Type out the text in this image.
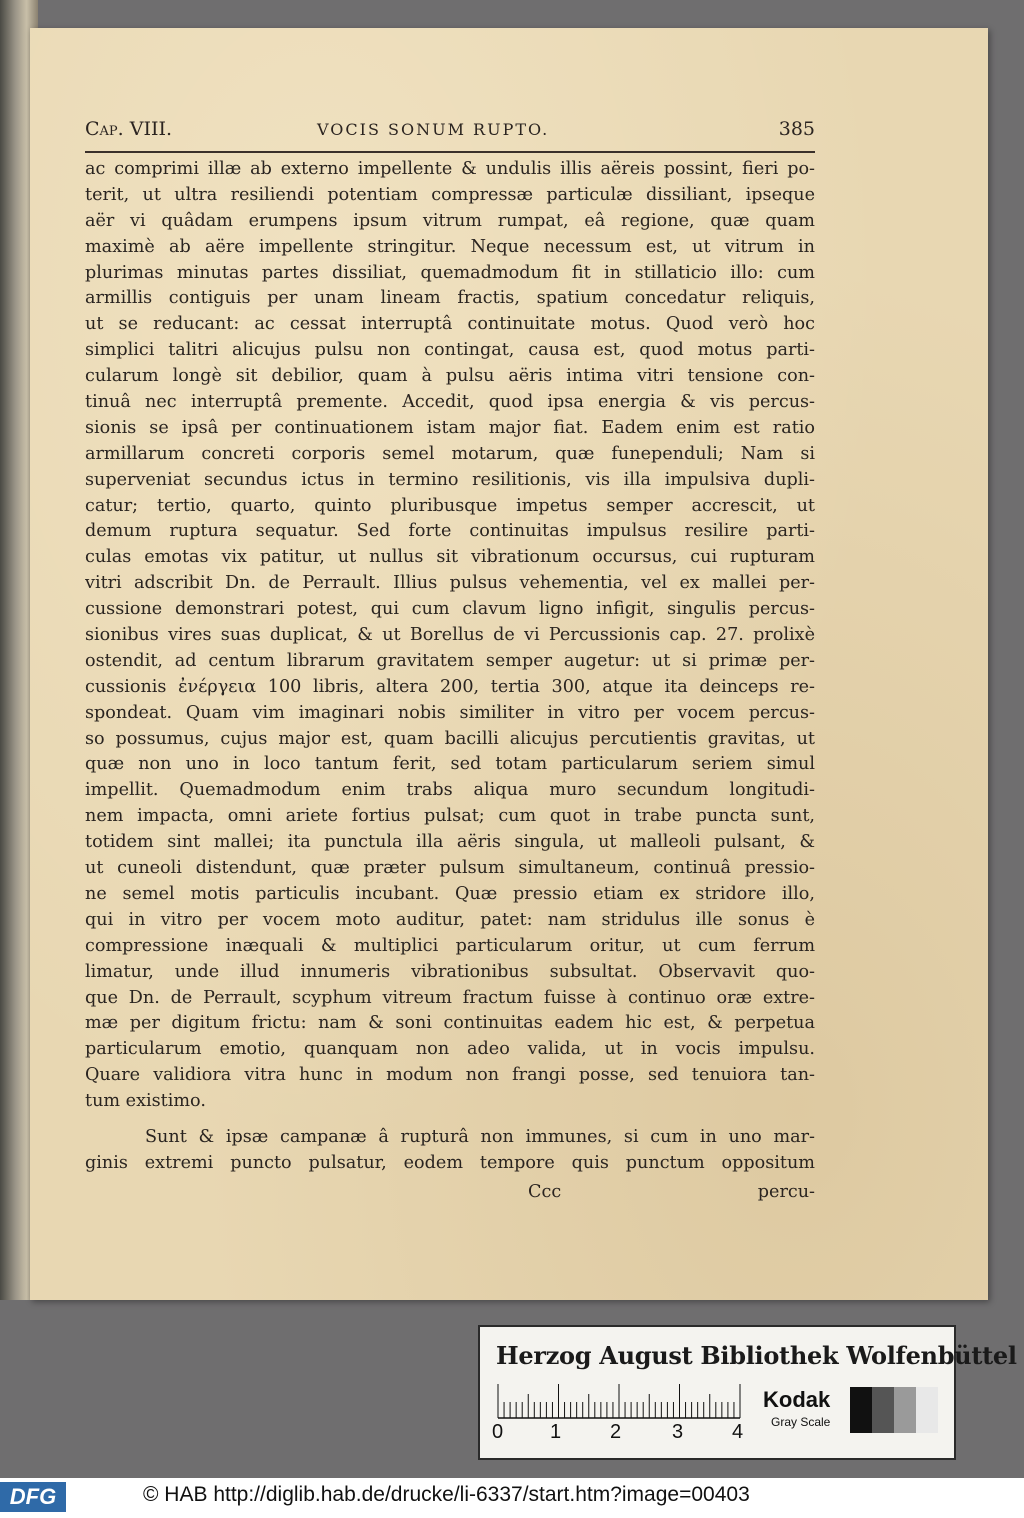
Cap. VIII.	VOCIS SONUM RUPTO.	385
ac comprimi illæ ab externo impellente & undulis illis aëreis possint, fieri po-
terit, ut ultra resiliendi potentiam compressæ particulæ dissiliant, ipseque
aër vi quâdam erumpens ipsum vitrum rumpat, eâ regione, quæ quam
maximè ab aëre impellente stringitur. Neque necessum est, ut vitrum in
plurimas minutas partes dissiliat, quemadmodum fit in stillaticio illo: cum
armillis contiguis per unam lineam fractis, spatium concedatur reliquis,
ut se reducant: ac cessat interruptâ continuitate motus. Quod verò hoc
simplici talitri alicujus pulsu non contingat, causa est, quod motus parti-
cularum longè sit debilior, quam à pulsu aëris intima vitri tensione con-
tinuâ nec interruptâ premente. Accedit, quod ipsa energia & vis percus-
sionis se ipsâ per continuationem istam major fiat. Eadem enim est ratio
armillarum concreti corporis semel motarum, quæ funependuli; Nam si
superveniat secundus ictus in termino resilitionis, vis illa impulsiva dupli-
catur; tertio, quarto, quinto pluribusque impetus semper accrescit, ut
demum ruptura sequatur. Sed forte continuitas impulsus resilire parti-
culas emotas vix patitur, ut nullus sit vibrationum occursus, cui rupturam
vitri adscribit Dn. de Perrault. Illius pulsus vehementia, vel ex mallei per-
cussione demonstrari potest, qui cum clavum ligno infigit, singulis percus-
sionibus vires suas duplicat, & ut Borellus de vi Percussionis cap. 27. prolixè
ostendit, ad centum librarum gravitatem semper augetur: ut si primæ per-
cussionis ἐνέργεια 100 libris, altera 200, tertia 300, atque ita deinceps re-
spondeat. Quam vim imaginari nobis similiter in vitro per vocem percus-
so possumus, cujus major est, quam bacilli alicujus percutientis gravitas, ut
quæ non uno in loco tantum ferit, sed totam particularum seriem simul
impellit. Quemadmodum enim trabs aliqua muro secundum longitudi-
nem impacta, omni ariete fortius pulsat; cum quot in trabe puncta sunt,
totidem sint mallei; ita punctula illa aëris singula, ut malleoli pulsant, &
ut cuneoli distendunt, quæ præter pulsum simultaneum, continuâ pressio-
ne semel motis particulis incubant. Quæ pressio etiam ex stridore illo,
qui in vitro per vocem moto auditur, patet: nam stridulus ille sonus è
compressione inæquali & multiplici particularum oritur, ut cum ferrum
limatur, unde illud innumeris vibrationibus subsultat. Observavit quo-
que Dn. de Perrault, scyphum vitreum fractum fuisse à continuo oræ extre-
mæ per digitum frictu: nam & soni continuitas eadem hic est, & perpetua
particularum emotio, quanquam non adeo valida, ut in vocis impulsu.
Quare validiora vitra hunc in modum non frangi posse, sed tenuiora tan-
tum existimo.
Sunt & ipsæ campanæ â rupturâ non immunes, si cum in uno mar-
ginis extremi puncto pulsatur, eodem tempore quis punctum oppositum
Ccc	percu-
Herzog August Bibliothek Wolfenbüttel
0 1 2	3 4
Kodak
Gray Scale
DFG	© HAB http://diglib.hab.de/drucke/li-6337/start.htm?image=00403
